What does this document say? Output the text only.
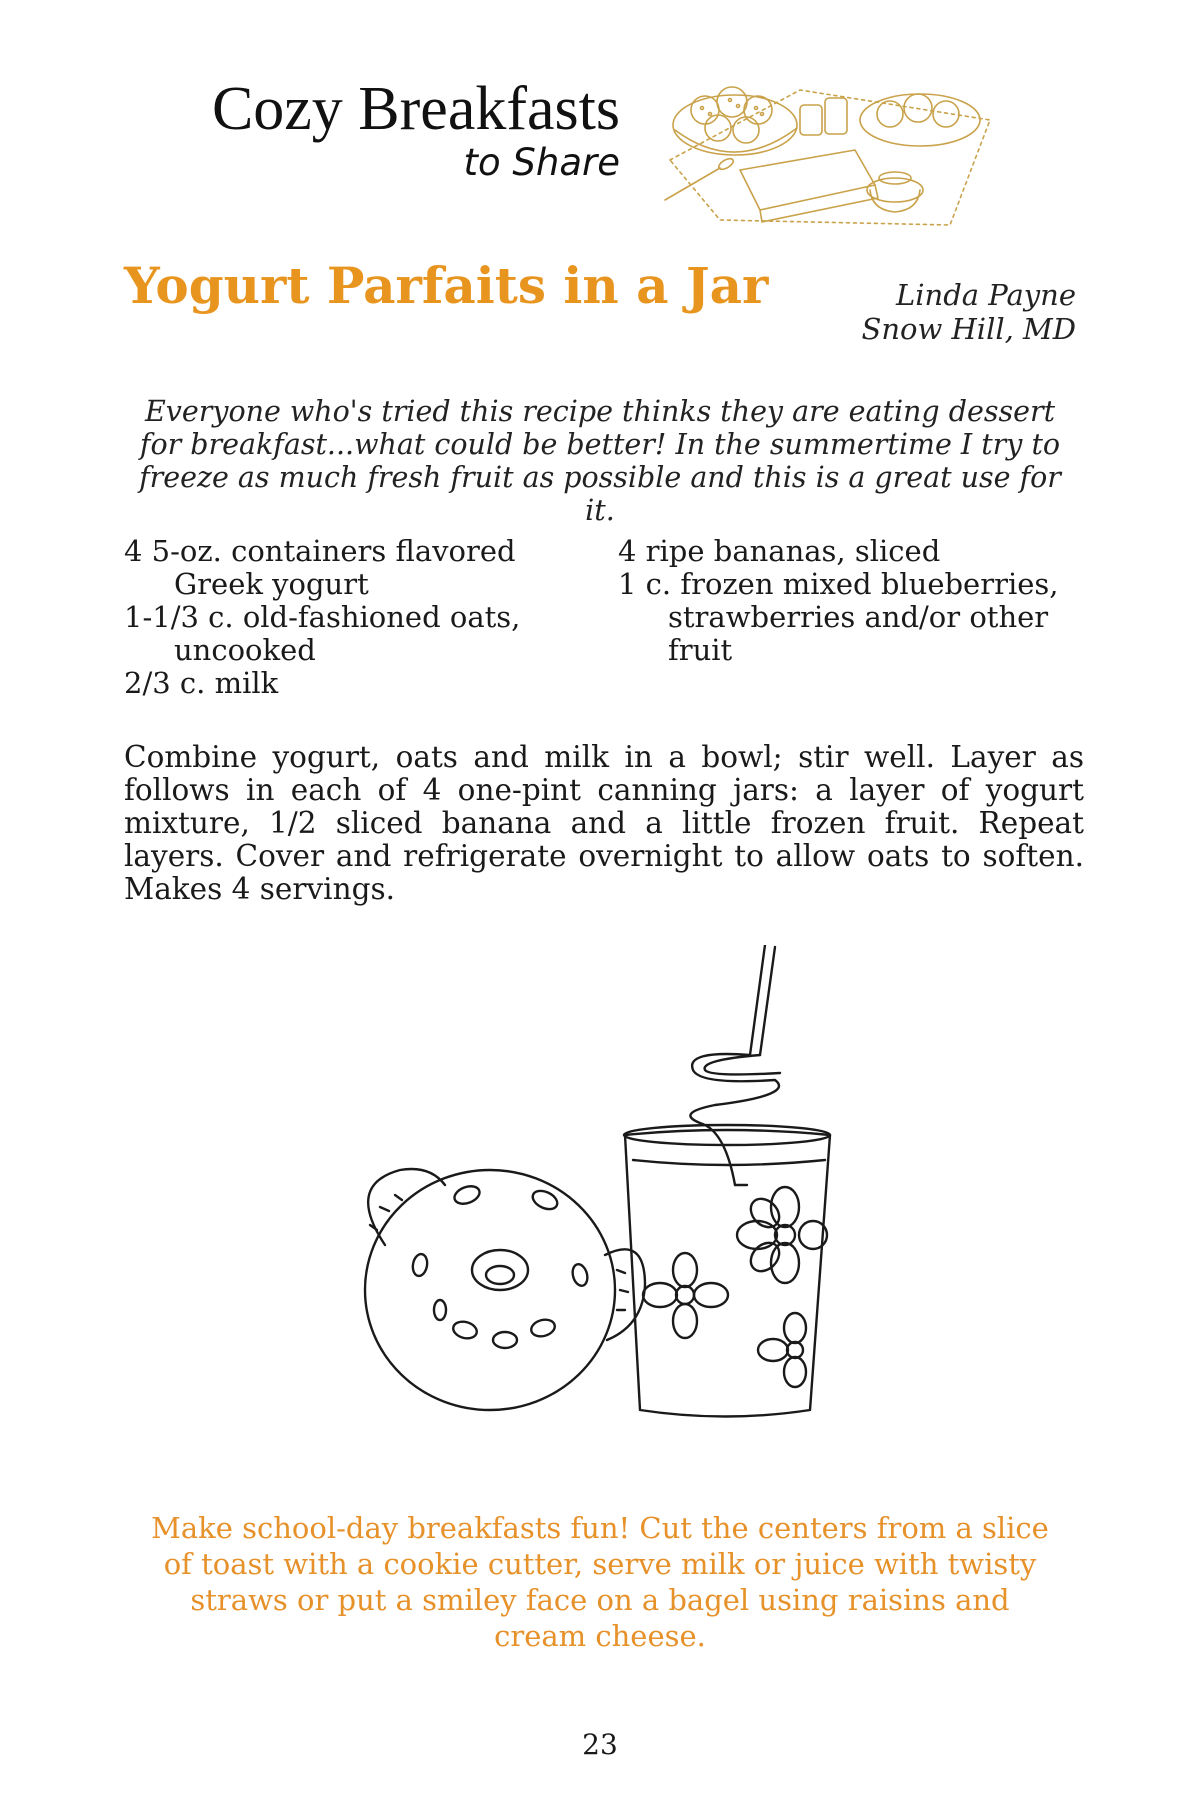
Cozy Breakfasts
to Share
Yogurt Parfaits in a Jar	Linda Payne
Snow Hill, MD
Everyone who's tried this recipe thinks they are eating dessert for breakfast...what could be better! In the summertime I try to freeze as much fresh fruit as possible and this is a great use for it.
4 5-oz. containers flavored Greek yogurt
1-1/3 c. old-fashioned oats, uncooked
2/3 c. milk
4 ripe bananas, sliced
1 c. frozen mixed blueberries, strawberries and/or other fruit
Combine yogurt, oats and milk in a bowl; stir well. Layer as follows in each of 4 one-pint canning jars: a layer of yogurt mixture, 1/2 sliced banana and a little frozen fruit. Repeat layers. Cover and refrigerate overnight to allow oats to soften. Makes 4 servings.
Make school-day breakfasts fun! Cut the centers from a slice of toast with a cookie cutter, serve milk or juice with twisty straws or put a smiley face on a bagel using raisins and cream cheese.
23
